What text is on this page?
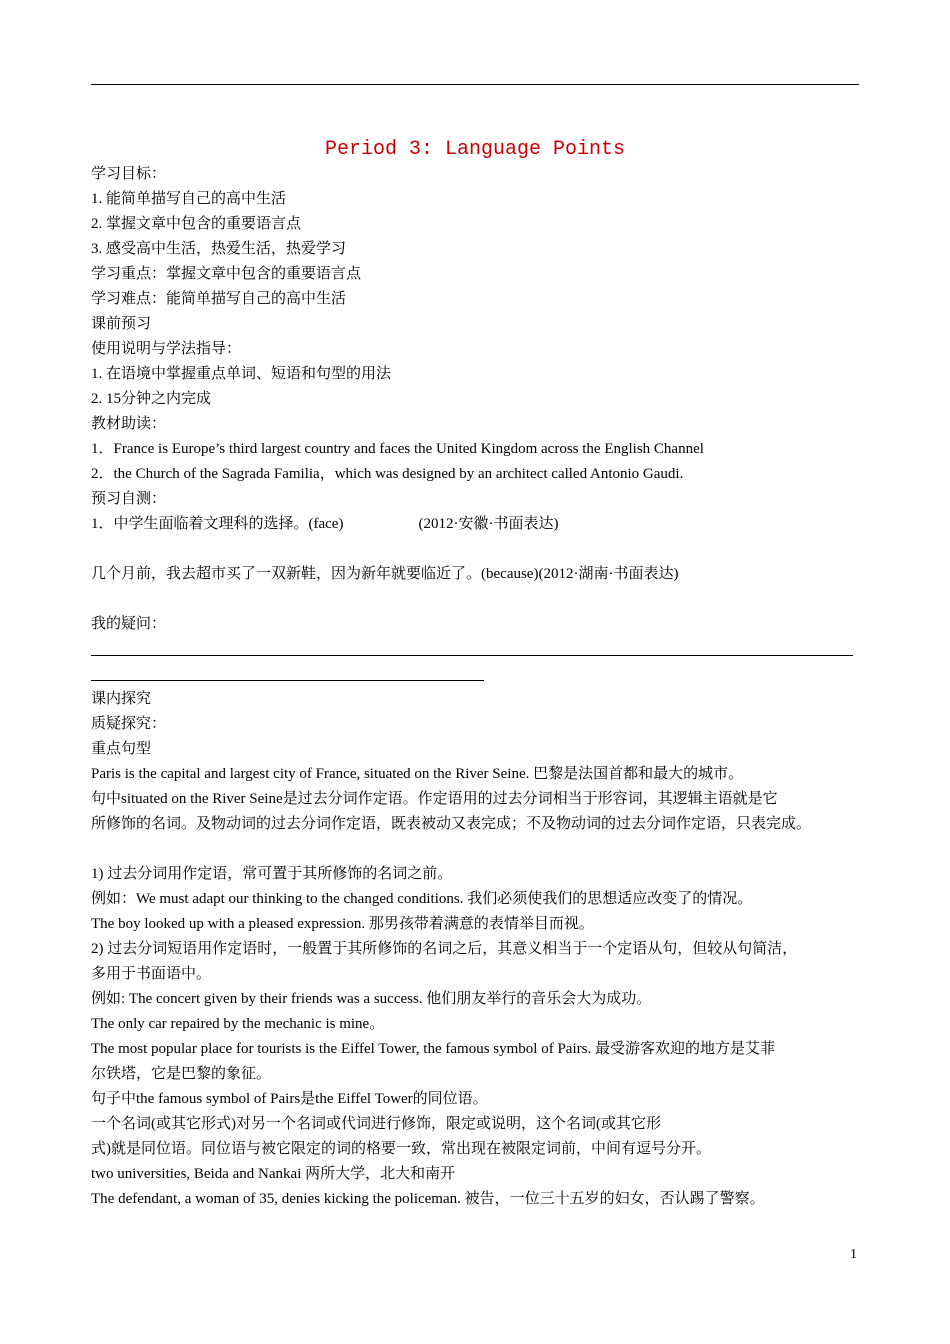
Period 3: Language Points
学习目标：
1. 能简单描写自己的高中生活
2. 掌握文章中包含的重要语言点
3. 感受高中生活，热爱生活，热爱学习
学习重点：掌握文章中包含的重要语言点
学习难点：能简单描写自己的高中生活
课前预习
使用说明与学法指导：
1. 在语境中掌握重点单词、短语和句型的用法
2. 15分钟之内完成
教材助读：
1．France is Europe’s third largest country and faces the United Kingdom across the English Channel
2．the Church of the Sagrada Familia，which was designed by an architect called Antonio Gaudi.
预习自测：
1．中学生面临着文理科的选择。(face)                    (2012·安徽·书面表达)
几个月前，我去超市买了一双新鞋，因为新年就要临近了。(because)(2012·湖南·书面表达)
我的疑问：
课内探究
质疑探究：
重点句型
Paris is the capital and largest city of France, situated on the River Seine. 巴黎是法国首都和最大的城市。
句中situated on the River Seine是过去分词作定语。作定语用的过去分词相当于形容词，其逻辑主语就是它
所修饰的名词。及物动词的过去分词作定语，既表被动又表完成；不及物动词的过去分词作定语，只表完成。
1) 过去分词用作定语，常可置于其所修饰的名词之前。
例如：We must adapt our thinking to the changed conditions. 我们必须使我们的思想适应改变了的情况。
The boy looked up with a pleased expression. 那男孩带着满意的表情举目而视。
2) 过去分词短语用作定语时，一般置于其所修饰的名词之后，其意义相当于一个定语从句，但较从句简洁，
多用于书面语中。
例如: The concert given by their friends was a success. 他们朋友举行的音乐会大为成功。
The only car repaired by the mechanic is mine。
The most popular place for tourists is the Eiffel Tower, the famous symbol of Pairs. 最受游客欢迎的地方是艾菲
尔铁塔，它是巴黎的象征。
句子中the famous symbol of Pairs是the Eiffel Tower的同位语。
一个名词(或其它形式)对另一个名词或代词进行修饰，限定或说明，这个名词(或其它形
式)就是同位语。同位语与被它限定的词的格要一致，常出现在被限定词前，中间有逗号分开。
two universities, Beida and Nankai 两所大学，北大和南开
The defendant, a woman of 35, denies kicking the policeman. 被告，一位三十五岁的妇女，否认踢了警察。
1
